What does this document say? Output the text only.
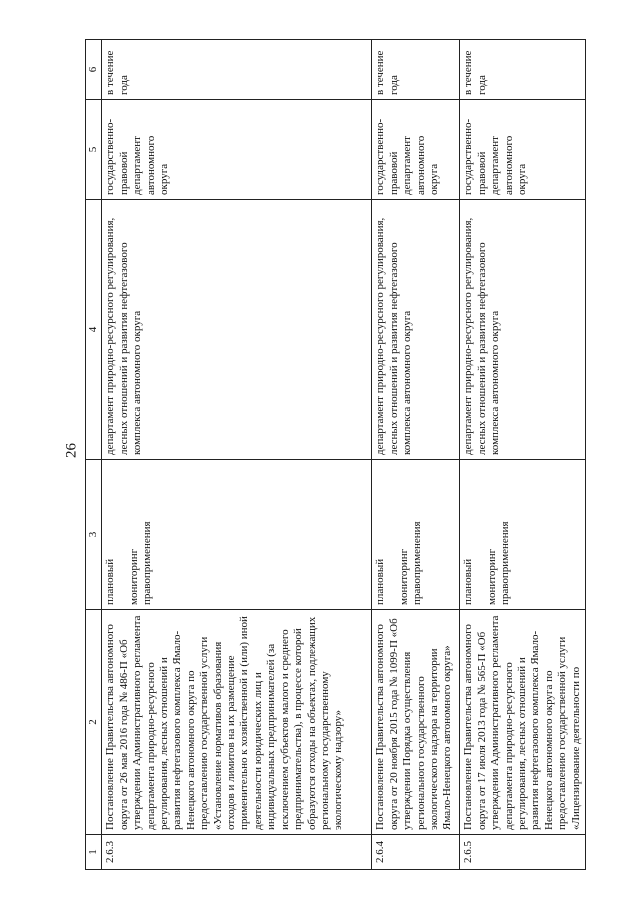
26
1	2	3	4	5	6
2.6.3	Постановление Правительства автономного округа от 26 мая 2016 года № 486-П «Об утверждении Административного регламента департамента природно-ресурсного регулирования, лесных отношений и развития нефтегазового комплекса Ямало-Ненецкого автономного округа по предоставлению государственной услуги «Установление нормативов образования отходов и лимитов на их размещение применительно к хозяйственной и (или) иной деятельности юридических лиц и индивидуальных предпринимателей (за исключением субъектов малого и среднего предпринимательства), в процессе которой образуются отходы на объектах, подлежащих региональному государственному экологическому надзору»	плановый мониторинг правоприменения	департамент природно-ресурсного регулирования, лесных отношений и развития нефтегазового комплекса автономного округа	государственно-правовой департамент автономного округа	в течение года
2.6.4	Постановление Правительства автономного округа от 20 ноября 2015 года № 1099-П «Об утверждении Порядка осуществления регионального государственного экологического надзора на территории Ямало-Ненецкого автономного округа»	плановый мониторинг правоприменения	департамент природно-ресурсного регулирования, лесных отношений и развития нефтегазового комплекса автономного округа	государственно-правовой департамент автономного округа	в течение года
2.6.5	Постановление Правительства автономного округа от 17 июля 2013 года № 565-П «Об утверждении Административного регламента департамента природно-ресурсного регулирования, лесных отношений и развития нефтегазового комплекса Ямало-Ненецкого автономного округа по предоставлению государственной услуги «Лицензирование деятельности по	плановый мониторинг правоприменения	департамент природно-ресурсного регулирования, лесных отношений и развития нефтегазового комплекса автономного округа	государственно-правовой департамент автономного округа	в течение года
